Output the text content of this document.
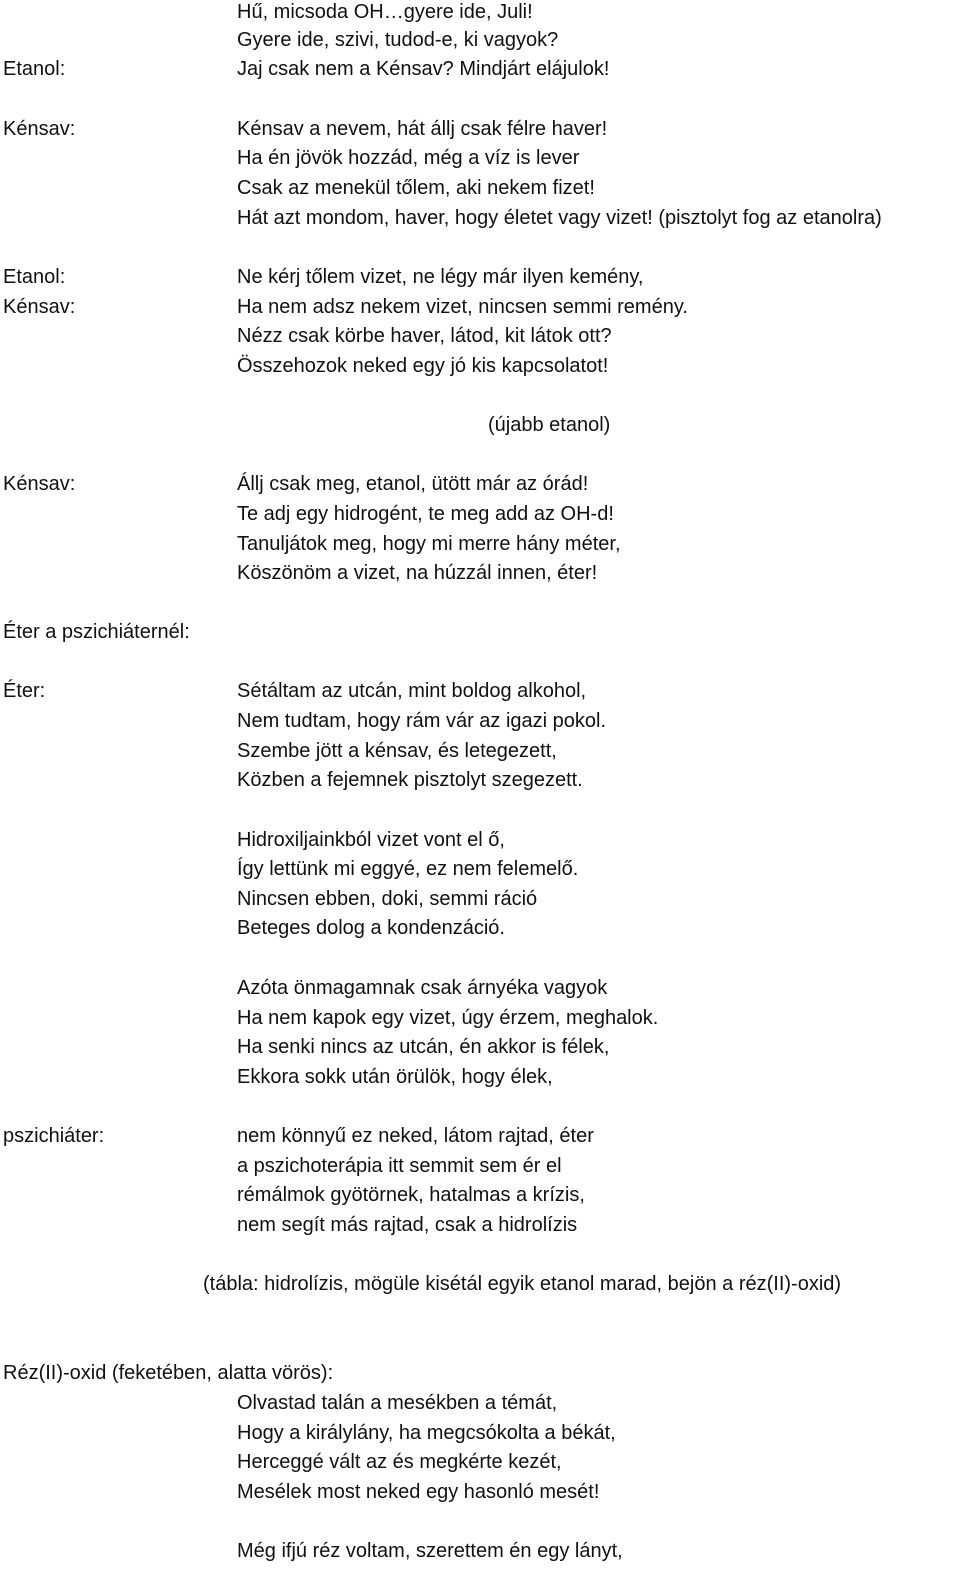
Etanol:
Kénsav:
Etanol:
Kénsav:
Kénsav:
Éter a pszichiáternél:
Éter:
pszichiáter:
Réz(II)-oxid (feketében, alatta vörös):
Hű, micsoda OH…gyere ide, Juli!
Gyere ide, szivi, tudod-e, ki vagyok?
Jaj csak nem a Kénsav? Mindjárt elájulok!
Kénsav a nevem, hát állj csak félre haver!
Ha én jövök hozzád, még a víz is lever
Csak az menekül tőlem, aki nekem fizet!
Hát azt mondom, haver, hogy életet vagy vizet! (pisztolyt fog az etanolra)
Ne kérj tőlem vizet, ne légy már ilyen kemény,
Ha nem adsz nekem vizet, nincsen semmi remény.
Nézz csak körbe haver, látod, kit látok ott?
Összehozok neked egy jó kis kapcsolatot!
(újabb etanol)
Állj csak meg, etanol, ütött már az órád!
Te adj egy hidrogént, te meg add az OH-d!
Tanuljátok meg, hogy mi merre hány méter,
Köszönöm a vizet, na húzzál innen, éter!
Sétáltam az utcán, mint boldog alkohol,
Nem tudtam, hogy rám vár az igazi pokol.
Szembe jött a kénsav, és letegezett,
Közben a fejemnek pisztolyt szegezett.
Hidroxiljainkból vizet vont el ő,
Így lettünk mi eggyé, ez nem felemelő.
Nincsen ebben, doki, semmi ráció
Beteges dolog a kondenzáció.
Azóta önmagamnak csak árnyéka vagyok
Ha nem kapok egy vizet, úgy érzem, meghalok.
Ha senki nincs az utcán, én akkor is félek,
Ekkora sokk után örülök, hogy élek,
nem könnyű ez neked, látom rajtad, éter
a pszichoterápia itt semmit sem ér el
rémálmok gyötörnek, hatalmas a krízis,
nem segít más rajtad, csak a hidrolízis
(tábla: hidrolízis, mögüle kisétál egyik etanol marad, bejön a réz(II)-oxid)
Olvastad talán a mesékben a témát,
Hogy a királylány, ha megcsókolta a békát,
Herceggé vált az és megkérte kezét,
Mesélek most neked egy hasonló mesét!
Még ifjú réz voltam, szerettem én egy lányt,
